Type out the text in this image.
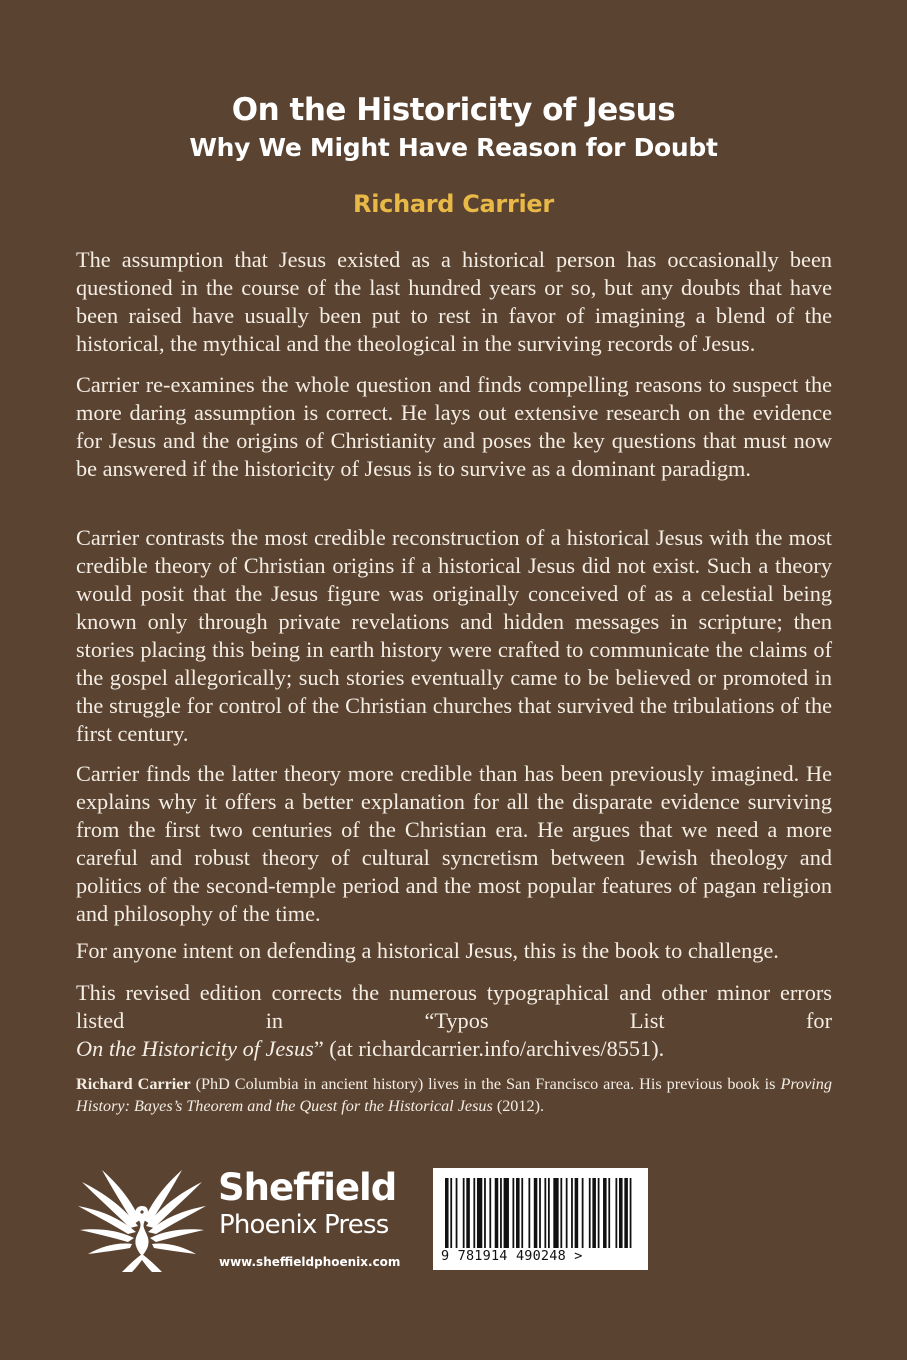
On the Historicity of Jesus
Why We Might Have Reason for Doubt
Richard Carrier

The assumption that Jesus existed as a historical person has occasionally been questioned in the course of the last hundred years or so, but any doubts that have been raised have usually been put to rest in favor of imagining a blend of the historical, the mythical and the theological in the surviving records of Jesus.

Carrier re-examines the whole question and finds compelling reasons to suspect the more daring assumption is correct. He lays out extensive research on the evidence for Jesus and the origins of Christianity and poses the key questions that must now be answered if the historicity of Jesus is to survive as a dominant paradigm.

Carrier contrasts the most credible reconstruction of a historical Jesus with the most credible theory of Christian origins if a historical Jesus did not exist. Such a theory would posit that the Jesus figure was originally conceived of as a celestial being known only through private revelations and hidden messages in scripture; then stories placing this being in earth history were crafted to communicate the claims of the gospel allegorically; such stories eventually came to be believed or promoted in the struggle for control of the Christian churches that survived the tribulations of the first century.

Carrier finds the latter theory more credible than has been previously imagined. He explains why it offers a better explanation for all the disparate evidence surviving from the first two centuries of the Christian era. He argues that we need a more careful and robust theory of cultural syncretism between Jewish theology and politics of the second-temple period and the most popular features of pagan religion and philosophy of the time.

For anyone intent on defending a historical Jesus, this is the book to challenge.

This revised edition corrects the numerous typographical and other minor errors listed in “Typos List for On the Historicity of Jesus” (at richardcarrier.info/archives/8551).

Richard Carrier (PhD Columbia in ancient history) lives in the San Francisco area. His previous book is Proving History: Bayes’s Theorem and the Quest for the Historical Jesus (2012).

Sheffield
Phoenix Press
www.sheffieldphoenix.com	9 781914 490248 >
